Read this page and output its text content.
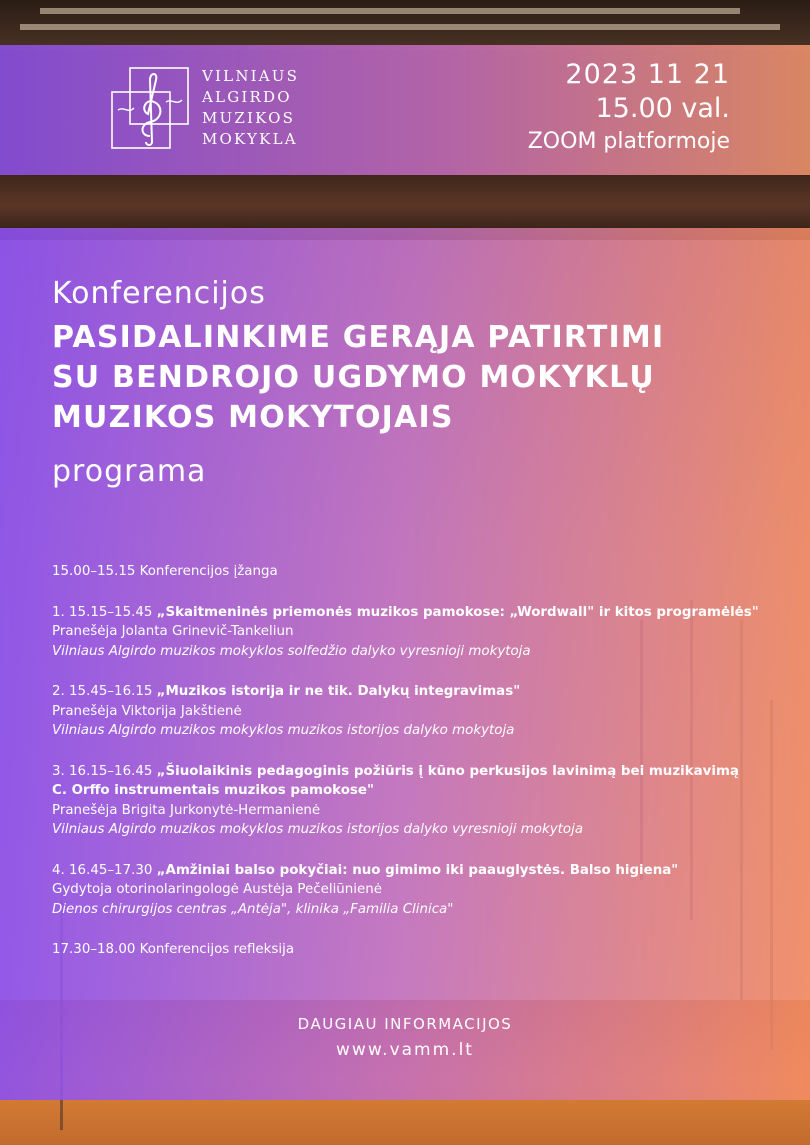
VILNIAUS
ALGIRDO
MUZIKOS
MOKYKLA
2023 11 21
15.00 val.
ZOOM platformoje
Konferencijos
PASIDALINKIME GERĄJA PATIRTIMI
SU BENDROJO UGDYMO MOKYKLŲ
MUZIKOS MOKYTOJAIS
programa
15.00–15.15 Konferencijos įžanga
1. 15.15–15.45 „Skaitmeninės priemonės muzikos pamokose: „Wordwall" ir kitos programėlės"
Pranešėja Jolanta Grinevič-Tankeliun
Vilniaus Algirdo muzikos mokyklos solfedžio dalyko vyresnioji mokytoja
2. 15.45–16.15 „Muzikos istorija ir ne tik. Dalykų integravimas"
Pranešėja Viktorija Jakštienė
Vilniaus Algirdo muzikos mokyklos muzikos istorijos dalyko mokytoja
3. 16.15–16.45 „Šiuolaikinis pedagoginis požiūris į kūno perkusijos lavinimą bei muzikavimą
C. Orffo instrumentais muzikos pamokose"
Pranešėja Brigita Jurkonytė-Hermanienė
Vilniaus Algirdo muzikos mokyklos muzikos istorijos dalyko vyresnioji mokytoja
4. 16.45–17.30 „Amžiniai balso pokyčiai: nuo gimimo iki paauglystės. Balso higiena"
Gydytoja otorinolaringologė Austėja Pečeliūnienė
Dienos chirurgijos centras „Antėja", klinika „Familia Clinica"
17.30–18.00 Konferencijos refleksija
DAUGIAU INFORMACIJOS
www.vamm.lt
